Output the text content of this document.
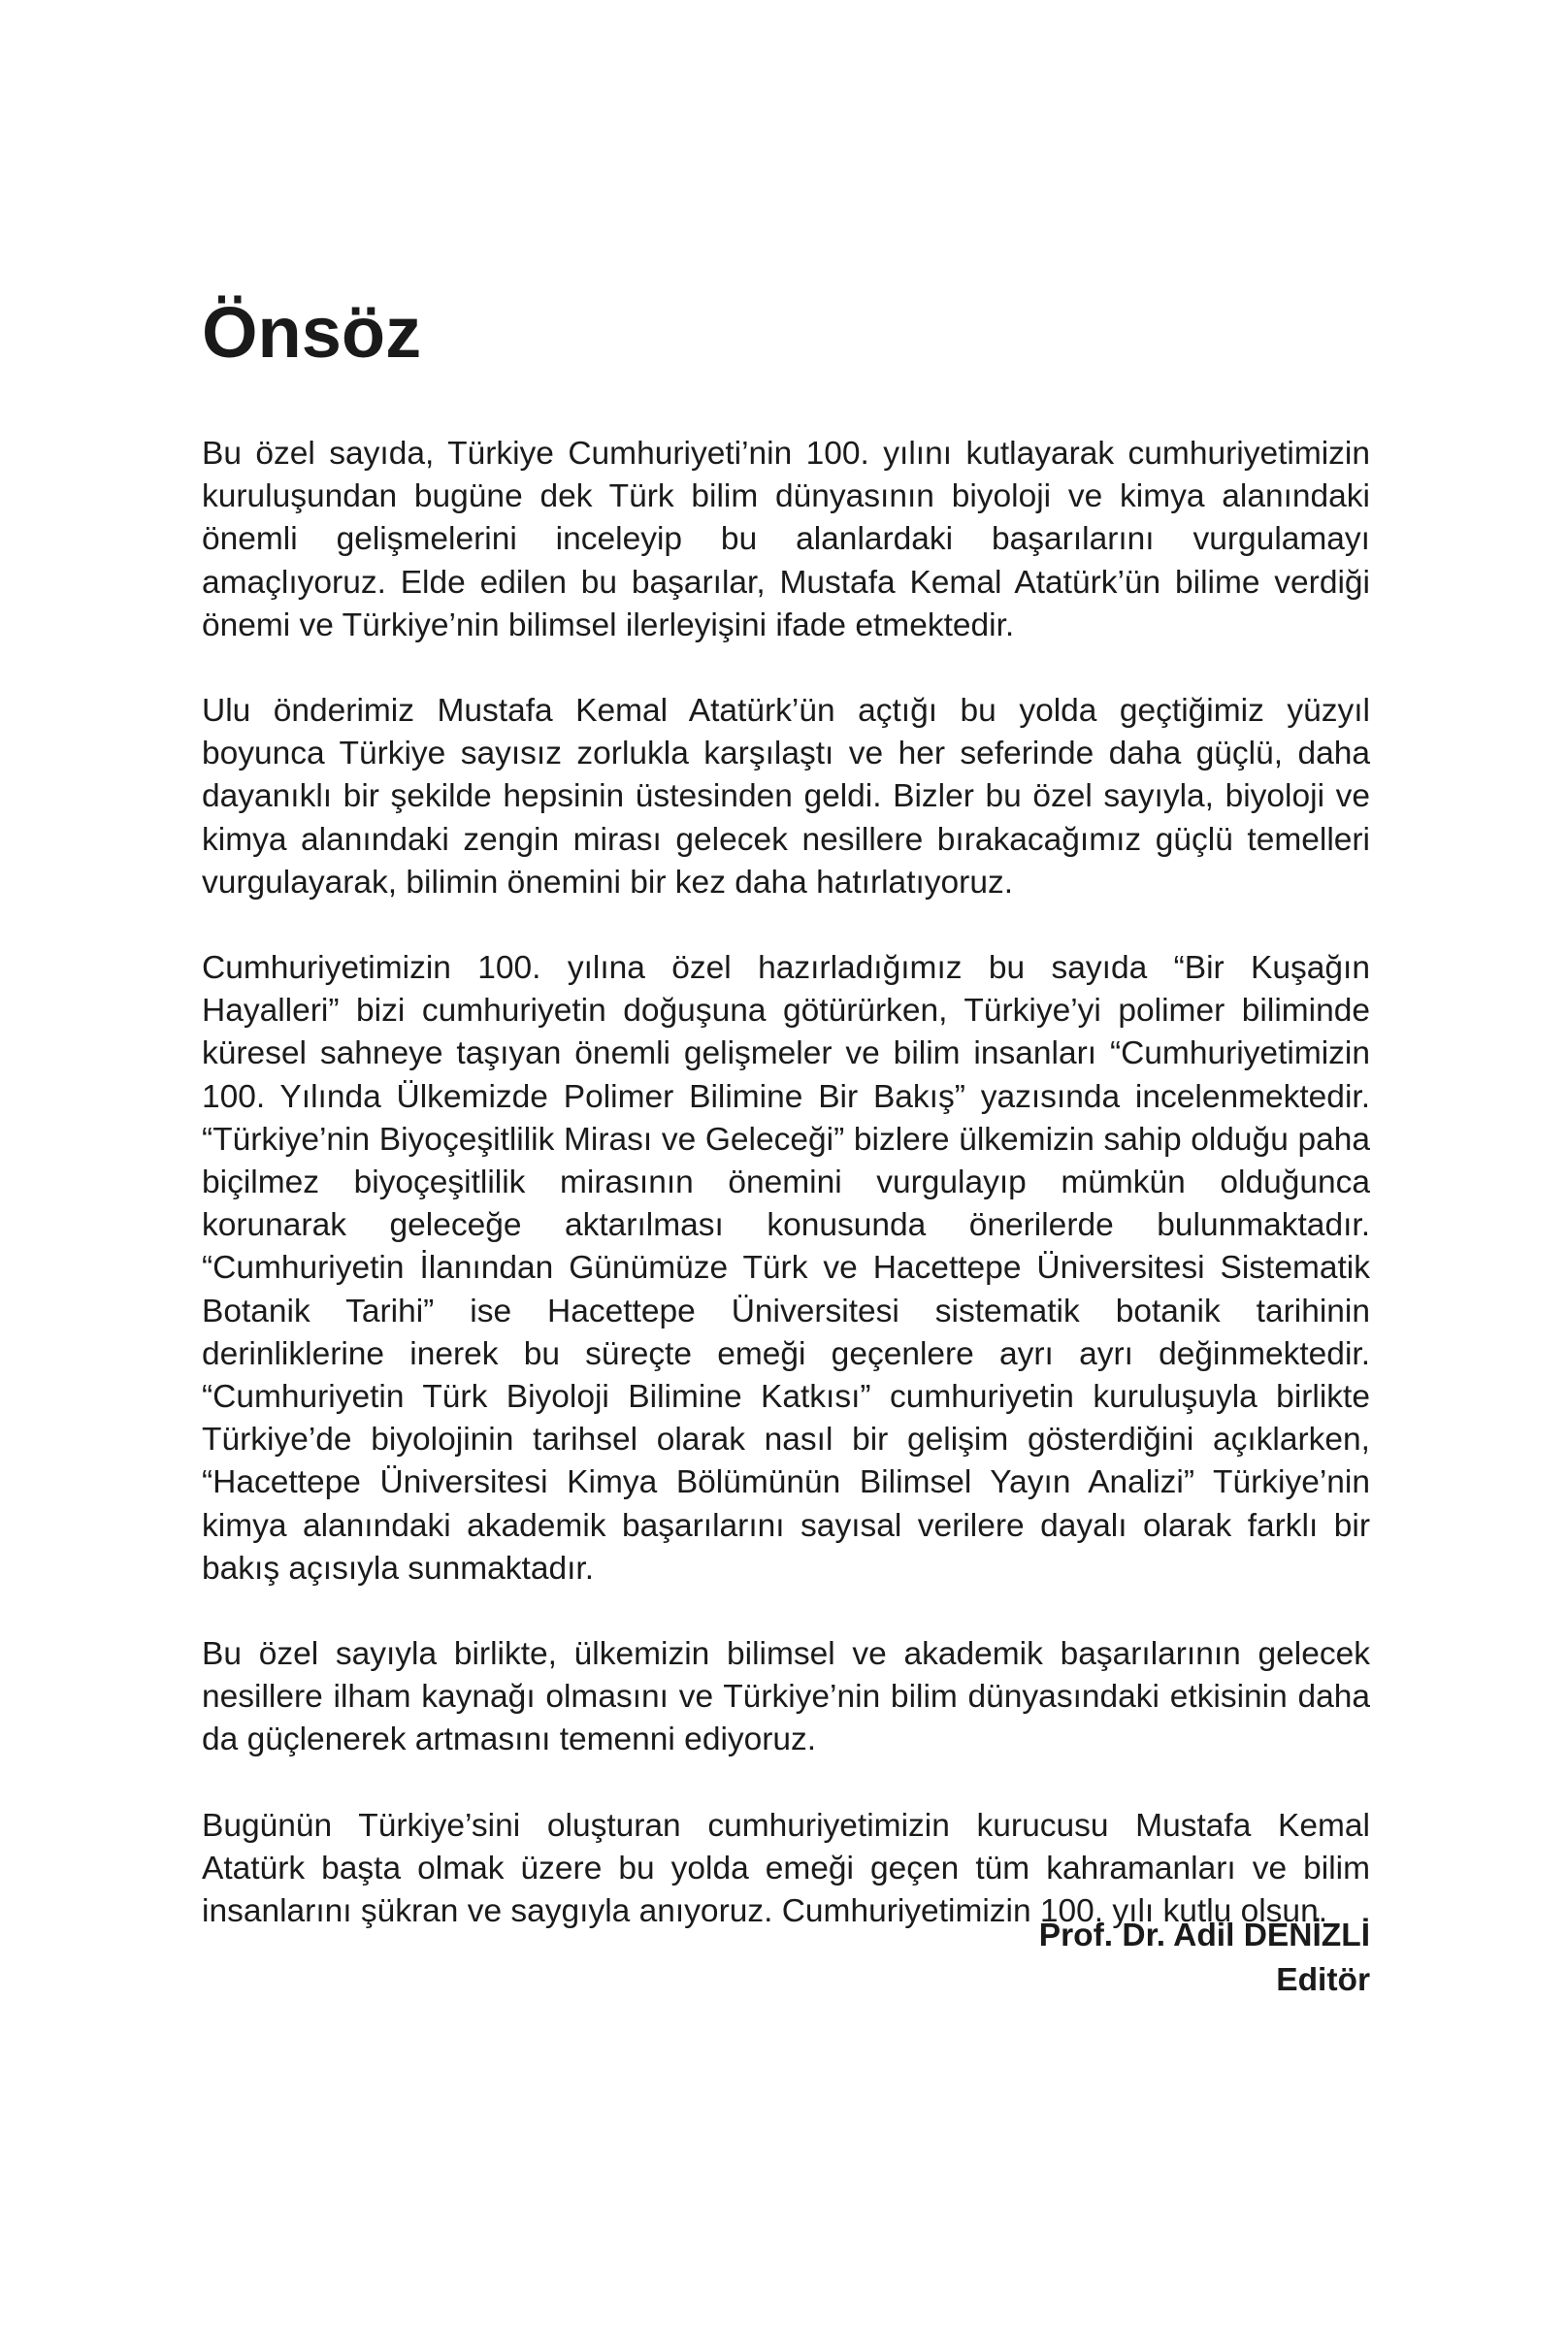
Önsöz

Bu özel sayıda, Türkiye Cumhuriyeti’nin 100. yılını kutlayarak cumhuriyetimizin kuruluşundan bugüne dek Türk bilim dünyasının biyoloji ve kimya alanındaki önemli gelişmelerini inceleyip bu alanlardaki başarılarını vurgulamayı amaçlıyoruz. Elde edilen bu başarılar, Mustafa Kemal Atatürk’ün bilime verdiği önemi ve Türkiye’nin bilimsel ilerleyişini ifade etmektedir.

Ulu önderimiz Mustafa Kemal Atatürk’ün açtığı bu yolda geçtiğimiz yüzyıl boyunca Türkiye sayısız zorlukla karşılaştı ve her seferinde daha güçlü, daha dayanıklı bir şekilde hepsinin üstesinden geldi. Bizler bu özel sayıyla, biyoloji ve kimya alanındaki zengin mirası gelecek nesillere bırakacağımız güçlü temelleri vurgulayarak, bilimin önemini bir kez daha hatırlatıyoruz.

Cumhuriyetimizin 100. yılına özel hazırladığımız bu sayıda “Bir Kuşağın Hayalleri” bizi cumhuriyetin doğuşuna götürürken, Türkiye’yi polimer biliminde küresel sahneye taşıyan önemli gelişmeler ve bilim insanları “Cumhuriyetimizin 100. Yılında Ülkemizde Polimer Bilimine Bir Bakış” yazısında incelenmektedir. “Türkiye’nin Biyoçeşitlilik Mirası ve Geleceği” bizlere ülkemizin sahip olduğu paha biçilmez biyoçeşitlilik mirasının önemini vurgulayıp mümkün olduğunca korunarak geleceğe aktarılması konusunda önerilerde bulunmaktadır. “Cumhuriyetin İlanından Günümüze Türk ve Hacettepe Üniversitesi Sistematik Botanik Tarihi” ise Hacettepe Üniversitesi sistematik botanik tarihinin derinliklerine inerek bu süreçte emeği geçenlere ayrı ayrı değinmektedir. “Cumhuriyetin Türk Biyoloji Bilimine Katkısı” cumhuriyetin kuruluşuyla birlikte Türkiye’de biyolojinin tarihsel olarak nasıl bir gelişim gösterdiğini açıklarken, “Hacettepe Üniversitesi Kimya Bölümünün Bilimsel Yayın Analizi” Türkiye’nin kimya alanındaki akademik başarılarını sayısal verilere dayalı olarak farklı bir bakış açısıyla sunmaktadır.

Bu özel sayıyla birlikte, ülkemizin bilimsel ve akademik başarılarının gelecek nesillere ilham kaynağı olmasını ve Türkiye’nin bilim dünyasındaki etkisinin daha da güçlenerek artmasını temenni ediyoruz.

Bugünün Türkiye’sini oluşturan cumhuriyetimizin kurucusu Mustafa Kemal Atatürk başta olmak üzere bu yolda emeği geçen tüm kahramanları ve bilim insanlarını şükran ve saygıyla anıyoruz. Cumhuriyetimizin 100. yılı kutlu olsun.

Prof. Dr. Adil DENİZLİ
Editör
